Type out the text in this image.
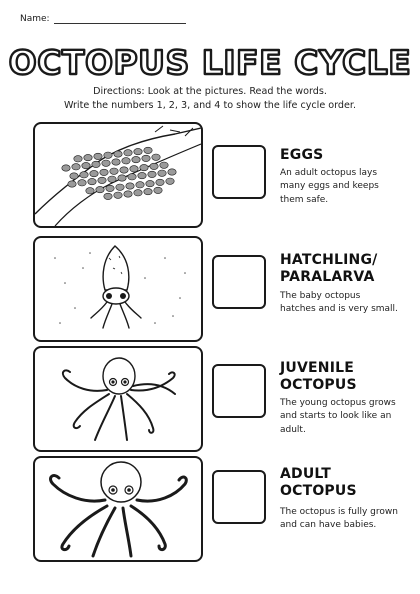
Name:
OCTOPUS LIFE CYCLE
Directions: Look at the pictures. Read the words.
Write the numbers 1, 2, 3, and 4 to show the life cycle order.
EGGS
An adult octopus lays many eggs and keeps them safe.
HATCHLING/
PARALARVA
The baby octopus hatches and is very small.
JUVENILE
OCTOPUS
The young octopus grows and starts to look like an adult.
ADULT
OCTOPUS
The octopus is fully grown and can have babies.
